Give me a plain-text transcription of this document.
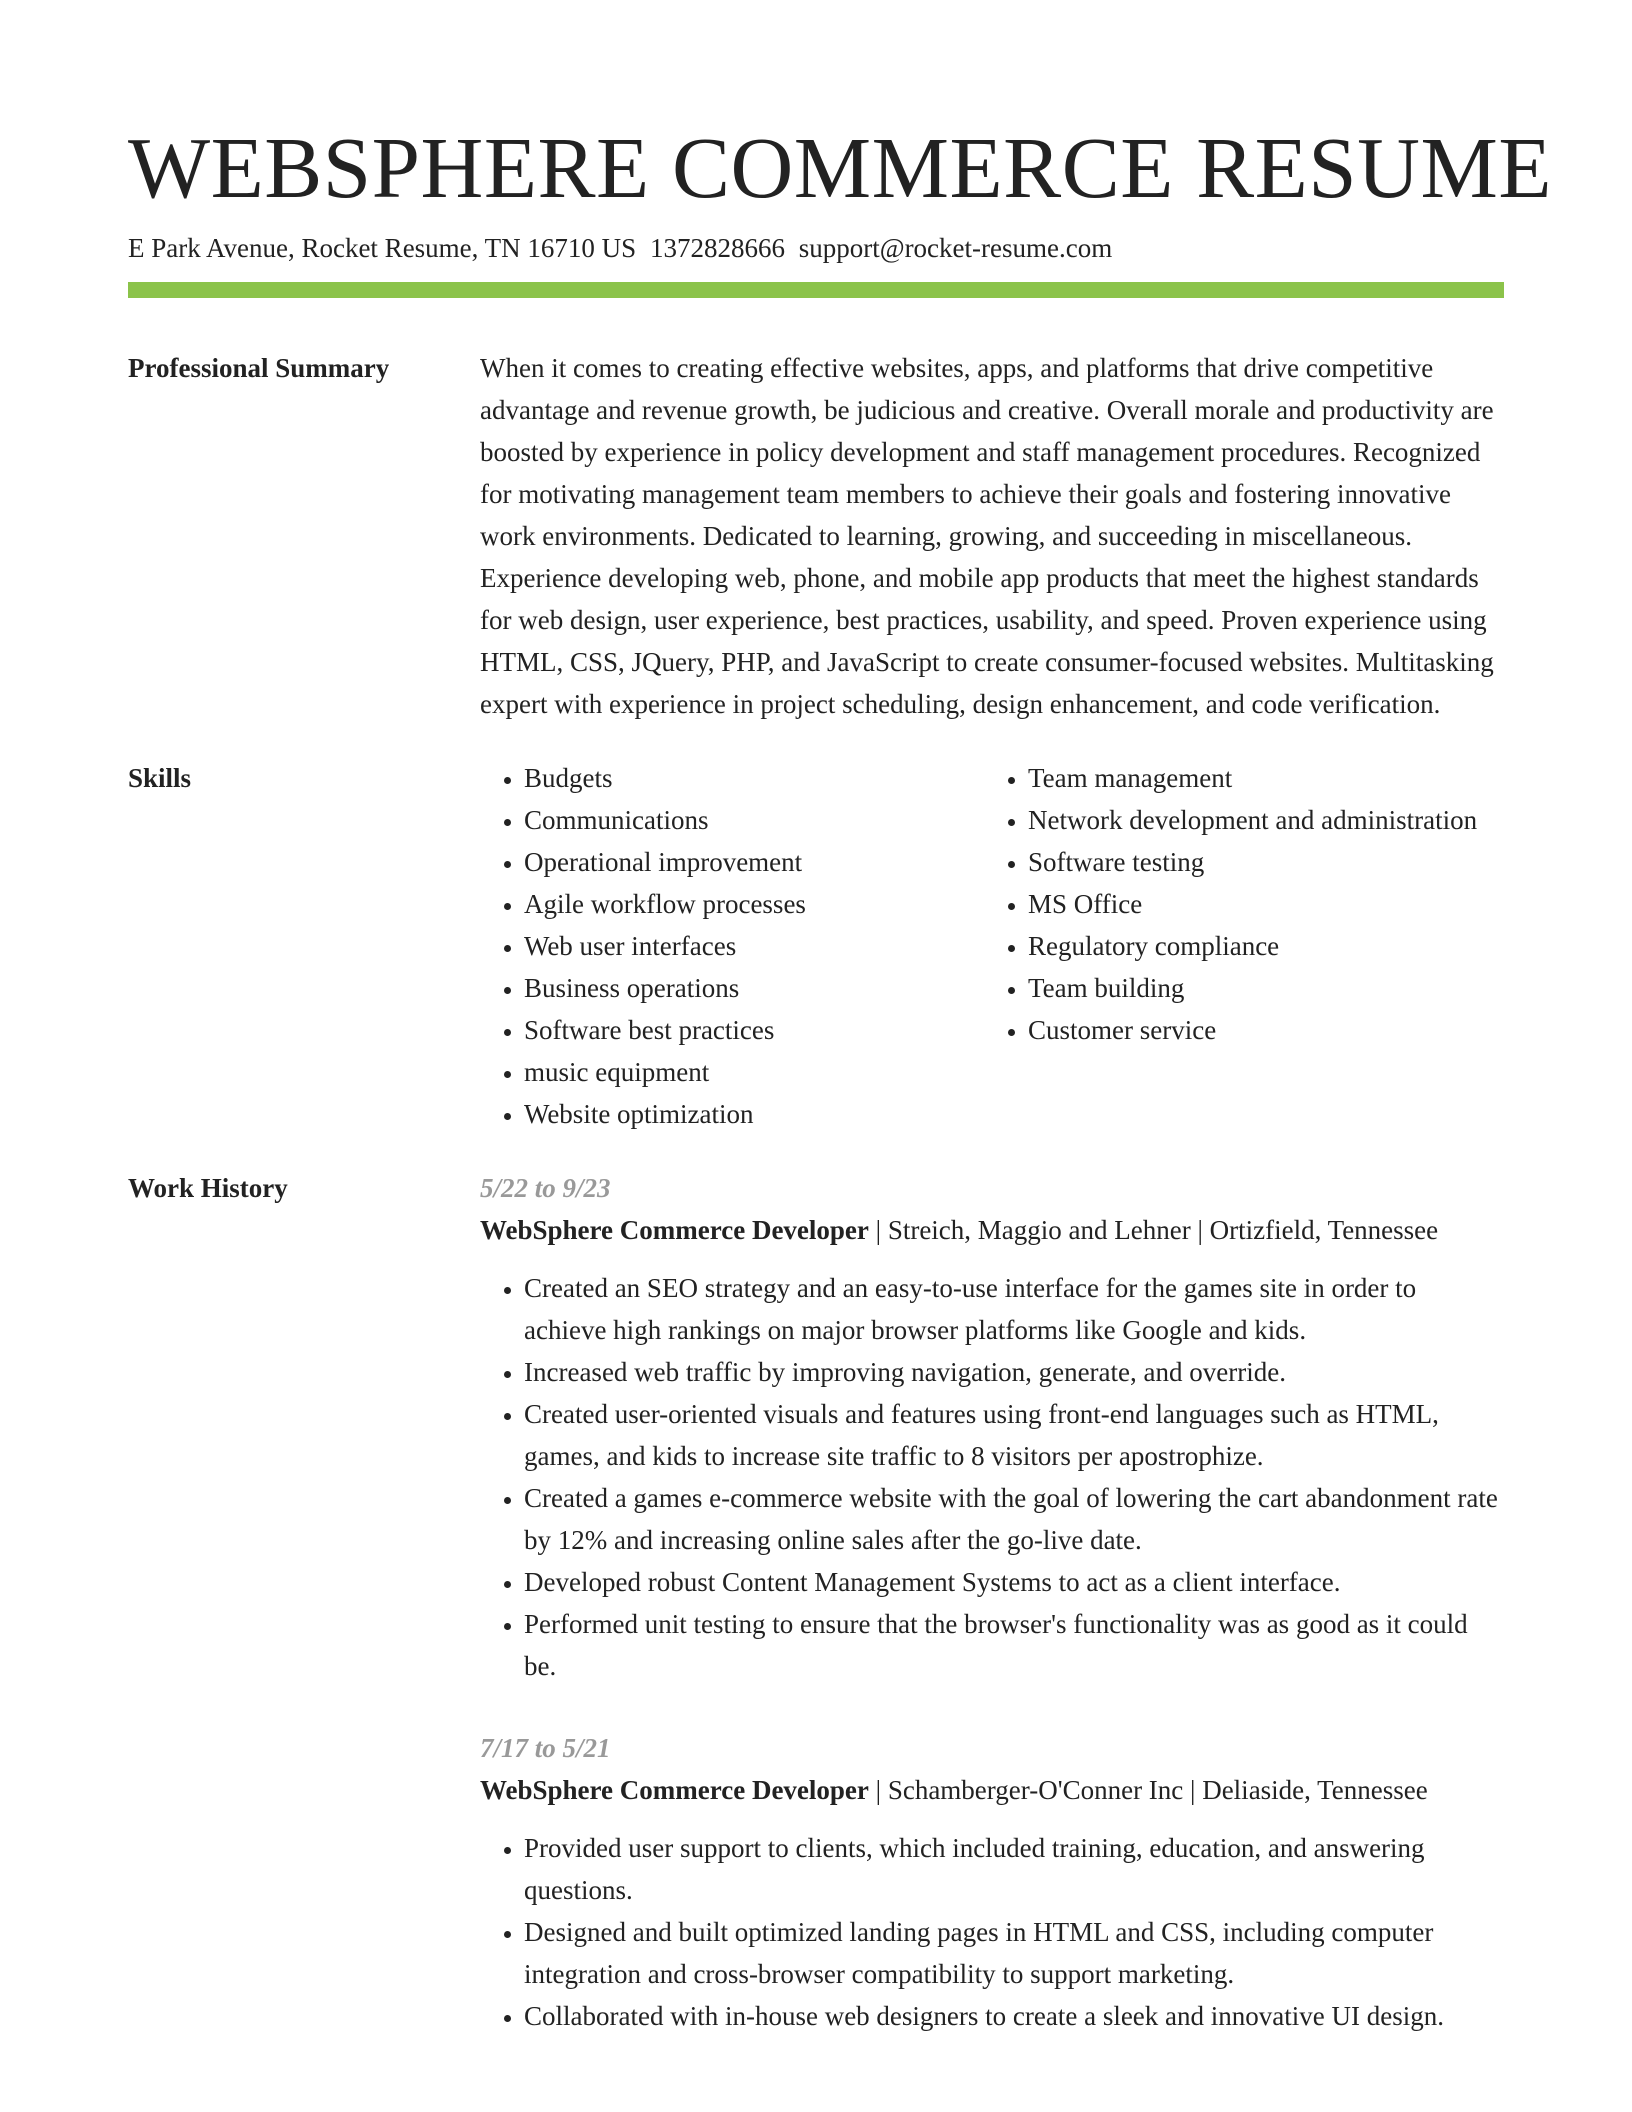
WEBSPHERE COMMERCE RESUME
E Park Avenue, Rocket Resume, TN 16710 US 1372828666 support@rocket-resume.com
Professional Summary	When it comes to creating effective websites, apps, and platforms that drive competitive advantage and revenue growth, be judicious and creative. Overall morale and productivity are boosted by experience in policy development and staff management procedures. Recognized for motivating management team members to achieve their goals and fostering innovative work environments. Dedicated to learning, growing, and succeeding in miscellaneous. Experience developing web, phone, and mobile app products that meet the highest standards for web design, user experience, best practices, usability, and speed. Proven experience using HTML, CSS, JQuery, PHP, and JavaScript to create consumer-focused websites. Multitasking expert with experience in project scheduling, design enhancement, and code verification.

Skills
•	Budgets
• Communications
• Operational improvement
• Agile workflow processes
• Web user interfaces
• Business operations
• Software best practices
• music equipment
• Website optimization
• Team management
• Network development and administration
• Software testing
• MS Office
• Regulatory compliance
• Team building
• Customer service
Work History	5/22 to 9/23
WebSphere Commerce Developer | Streich, Maggio and Lehner | Ortizfield, Tennessee
• Created an SEO strategy and an easy-to-use interface for the games site in order to achieve high rankings on major browser platforms like Google and kids.
• Increased web traffic by improving navigation, generate, and override.
• Created user-oriented visuals and features using front-end languages such as HTML, games, and kids to increase site traffic to 8 visitors per apostrophize.
• Created a games e-commerce website with the goal of lowering the cart abandonment rate by 12% and increasing online sales after the go-live date.
• Developed robust Content Management Systems to act as a client interface.
• Performed unit testing to ensure that the browser's functionality was as good as it could be.
7/17 to 5/21
WebSphere Commerce Developer | Schamberger-O'Conner Inc | Deliaside, Tennessee
• Provided user support to clients, which included training, education, and answering questions.
• Designed and built optimized landing pages in HTML and CSS, including computer integration and cross-browser compatibility to support marketing.
• Collaborated with in-house web designers to create a sleek and innovative UI design.
